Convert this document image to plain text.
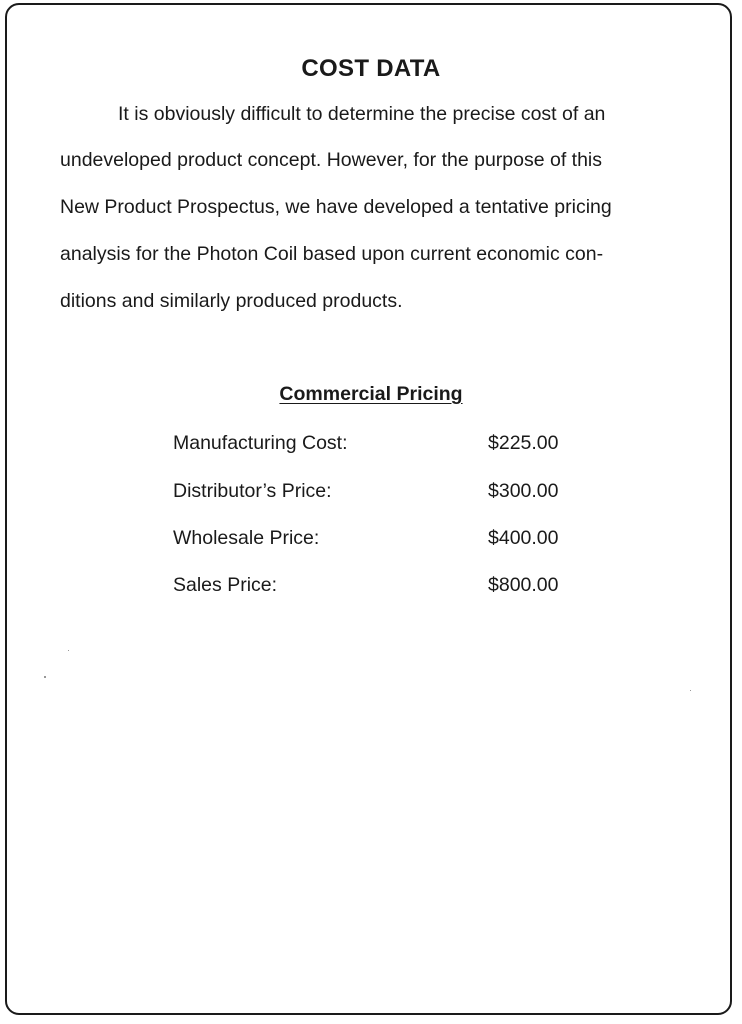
COST DATA
It is obviously difficult to determine the precise cost of an
undeveloped product concept. However, for the purpose of this
New Product Prospectus, we have developed a tentative pricing
analysis for the Photon Coil based upon current economic con-
ditions and similarly produced products.
Commercial Pricing
Manufacturing Cost:	$225.00
Distributor’s Price:	$300.00
Wholesale Price:	$400.00
Sales Price:	$800.00
